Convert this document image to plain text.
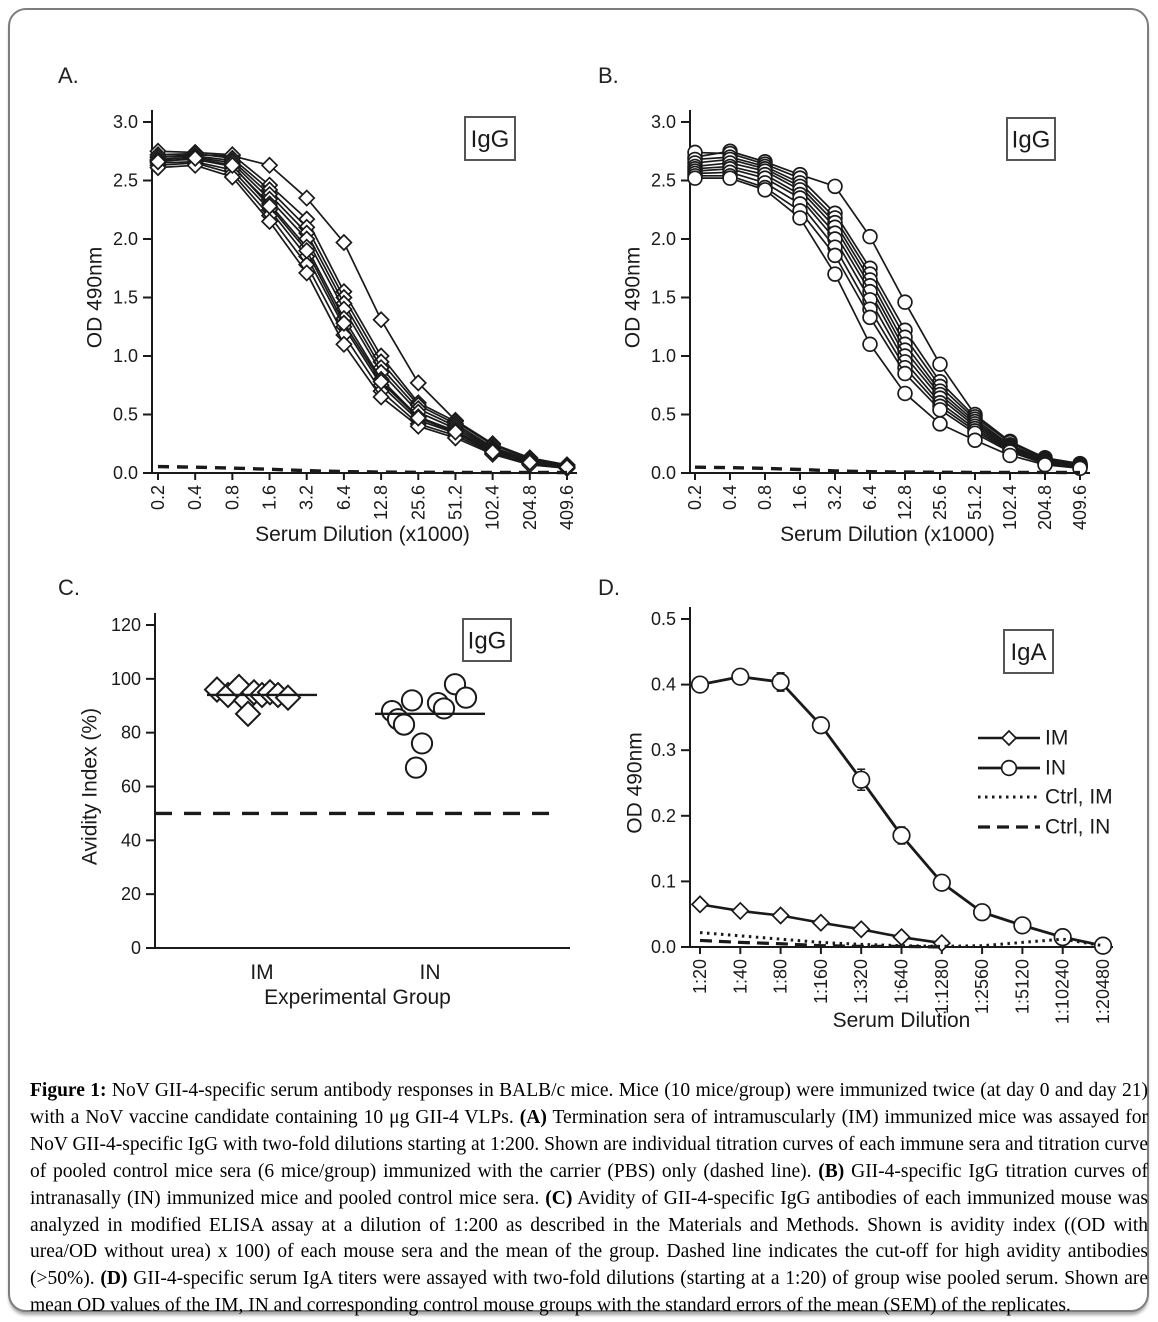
A.
0.0
0.5
1.0
1.5
2.0
2.5
3.0
OD 490nm
Serum Dilution (x1000)
0.2 0.4 0.8 1.6 3.2 6.4 12.8 25.6 51.2 102.4 204.8 409.6
IgG
B.
0.0
0.5
1.0
1.5
2.0
2.5
3.0
OD 490nm
Serum Dilution (x1000)
0.2 0.4 0.8 1.6 3.2 6.4 12.8 25.6 51.2 102.4 204.8 409.6
IgG
C.
0
20
40
60
80
100
120
Avidity Index (%)
Experimental Group
IM	IN
IgG
D.
0.0
0.1
0.2
0.3
0.4
0.5
OD 490nm
Serum Dilution
1:20 1:40 1:80 1:160 1:320 1:640 1:1280 1:2560 1:5120 1:10240 1:20480
IM
IN
Ctrl, IM
Ctrl, IN
IgA

Figure 1: NoV GII-4-specific serum antibody responses in BALB/c mice. Mice (10 mice/group) were immunized twice (at day 0 and day 21) with a NoV vaccine candidate containing 10 μg GII-4 VLPs. (A) Termination sera of intramuscularly (IM) immunized mice was assayed for NoV GII-4-specific IgG with two-fold dilutions starting at 1:200. Shown are individual titration curves of each immune sera and titration curve of pooled control mice sera (6 mice/group) immunized with the carrier (PBS) only (dashed line). (B) GII-4-specific IgG titration curves of intranasally (IN) immunized mice and pooled control mice sera. (C) Avidity of GII-4-specific IgG antibodies of each immunized mouse was analyzed in modified ELISA assay at a dilution of 1:200 as described in the Materials and Methods. Shown is avidity index ((OD with urea/OD without urea) x 100) of each mouse sera and the mean of the group. Dashed line indicates the cut-off for high avidity antibodies (>50%). (D) GII-4-specific serum IgA titers were assayed with two-fold dilutions (starting at a 1:20) of group wise pooled serum. Shown are mean OD values of the IM, IN and corresponding control mouse groups with the standard errors of the mean (SEM) of the replicates.
